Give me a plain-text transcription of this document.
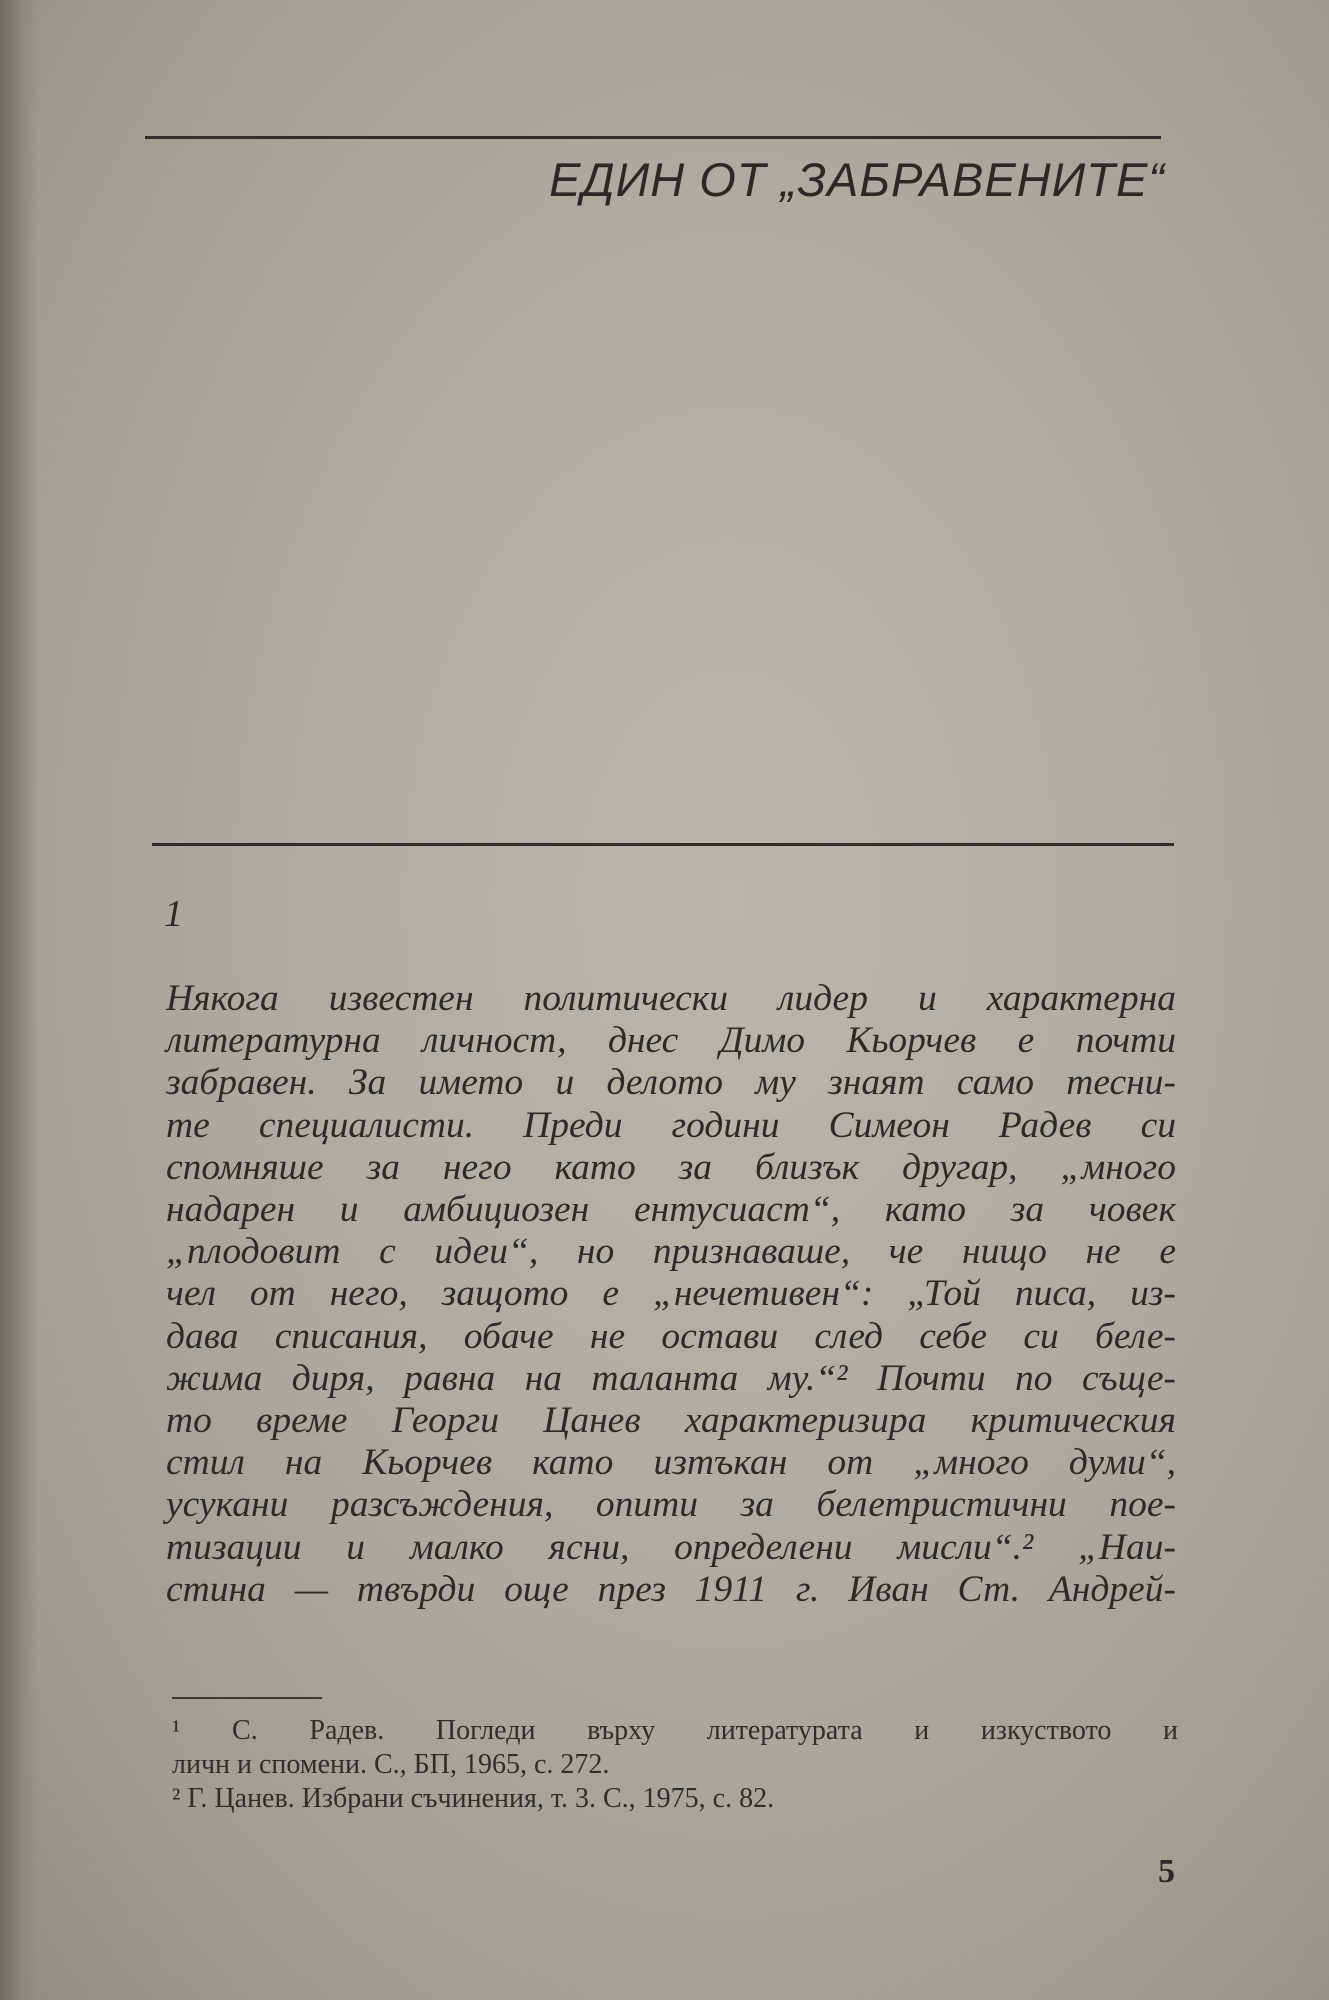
ЕДИН ОТ „ЗАБРАВЕНИТЕ“
1

Някога известен политически лидер и характерна
литературна личност, днес Димо Кьорчев е почти
забравен. За името и делото му знаят само тесни-
те специалисти. Преди години Симеон Радев си
спомняше за него като за близък другар, „много
надарен и амбициозен ентусиаст“, като за човек
„плодовит с идеи“, но признаваше, че нищо не е
чел от него, защото е „нечетивен“: „Той писа, из-
дава списания, обаче не остави след себе си беле-
жима диря, равна на таланта му.“² Почти по съще-
то време Георги Цанев характеризира критическия
стил на Кьорчев като изтъкан от „много думи“,
усукани разсъждения, опити за белетристични пое-
тизации и малко ясни, определени мисли“.² „Наи-
стина — твърди още през 1911 г. Иван Ст. Андрей-

¹ С. Радев. Погледи върху литературата и изкуството и
личн и спомени. С., БП, 1965, с. 272.
² Г. Цанев. Избрани съчинения, т. 3. С., 1975, с. 82.
5
